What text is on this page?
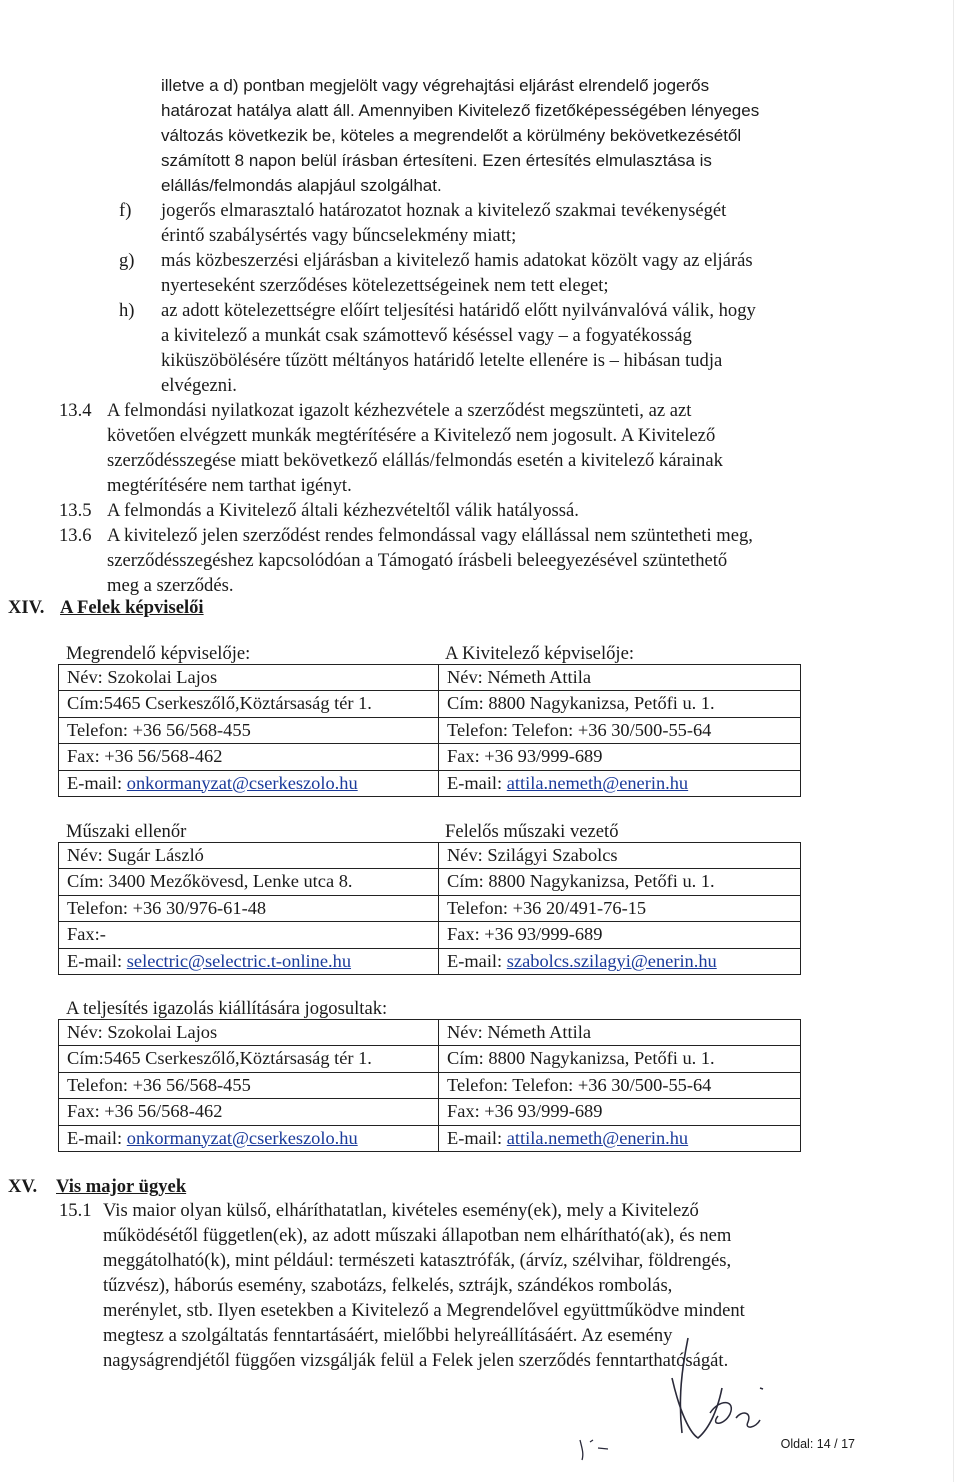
illetve a d) pontban megjelölt vagy végrehajtási eljárást elrendelő jogerős
határozat hatálya alatt áll. Amennyiben Kivitelező fizetőképességében lényeges
változás következik be, köteles a megrendelőt a körülmény bekövetkezésétől
számított 8 napon belül írásban értesíteni. Ezen értesítés elmulasztása is
elállás/felmondás alapjául szolgálhat.
f) jogerős elmarasztaló határozatot hoznak a kivitelező szakmai tevékenységét
érintő szabálysértés vagy bűncselekmény miatt;
g) más közbeszerzési eljárásban a kivitelező hamis adatokat közölt vagy az eljárás
nyerteseként szerződéses kötelezettségeinek nem tett eleget;
h) az adott kötelezettségre előírt teljesítési határidő előtt nyilvánvalóvá válik, hogy
a kivitelező a munkát csak számottevő késéssel vagy – a fogyatékosság
kiküszöbölésére tűzött méltányos határidő letelte ellenére is – hibásan tudja
elvégezni.
13.4 A felmondási nyilatkozat igazolt kézhezvétele a szerződést megszünteti, az azt
követően elvégzett munkák megtérítésére a Kivitelező nem jogosult. A Kivitelező
szerződésszegése miatt bekövetkező elállás/felmondás esetén a kivitelező kárainak
megtérítésére nem tarthat igényt.
13.5 A felmondás a Kivitelező általi kézhezvételtől válik hatályossá.
13.6 A kivitelező jelen szerződést rendes felmondással vagy elállással nem szüntetheti meg,
szerződésszegéshez kapcsolódóan a Támogató írásbeli beleegyezésével szüntethető
meg a szerződés.
XIV. A Felek képviselői
Megrendelő képviselője:	A Kivitelező képviselője:
Név: Szokolai Lajos	Név: Németh Attila
Cím:5465 Cserkeszőlő,Köztársaság tér 1.	Cím: 8800 Nagykanizsa, Petőfi u. 1.
Telefon: +36 56/568-455	Telefon: Telefon: +36 30/500-55-64
Fax: +36 56/568-462	Fax: +36 93/999-689
E-mail: onkormanyzat@cserkeszolo.hu	E-mail: attila.nemeth@enerin.hu
Műszaki ellenőr	Felelős műszaki vezető
Név: Sugár László	Név: Szilágyi Szabolcs
Cím: 3400 Mezőkövesd, Lenke utca 8.	Cím: 8800 Nagykanizsa, Petőfi u. 1.
Telefon: +36 30/976-61-48	Telefon: +36 20/491-76-15
Fax:-	Fax: +36 93/999-689
E-mail: selectric@selectric.t-online.hu	E-mail: szabolcs.szilagyi@enerin.hu
A teljesítés igazolás kiállítására jogosultak:
Név: Szokolai Lajos	Név: Németh Attila
Cím:5465 Cserkeszőlő,Köztársaság tér 1.	Cím: 8800 Nagykanizsa, Petőfi u. 1.
Telefon: +36 56/568-455	Telefon: Telefon: +36 30/500-55-64
Fax: +36 56/568-462	Fax: +36 93/999-689
E-mail: onkormanyzat@cserkeszolo.hu	E-mail: attila.nemeth@enerin.hu
XV. Vis major ügyek
15.1 Vis maior olyan külső, elháríthatatlan, kivételes esemény(ek), mely a Kivitelező
működésétől független(ek), az adott műszaki állapotban nem elhárítható(ak), és nem
meggátolható(k), mint például: természeti katasztrófák, (árvíz, szélvihar, földrengés,
tűzvész), háborús esemény, szabotázs, felkelés, sztrájk, szándékos rombolás,
merénylet, stb. Ilyen esetekben a Kivitelező a Megrendelővel együttműködve mindent
megtesz a szolgáltatás fenntartásáért, mielőbbi helyreállításáért. Az esemény
nagyságrendjétől függően vizsgálják felül a Felek jelen szerződés fenntarthatóságát.
Oldal: 14 / 17
